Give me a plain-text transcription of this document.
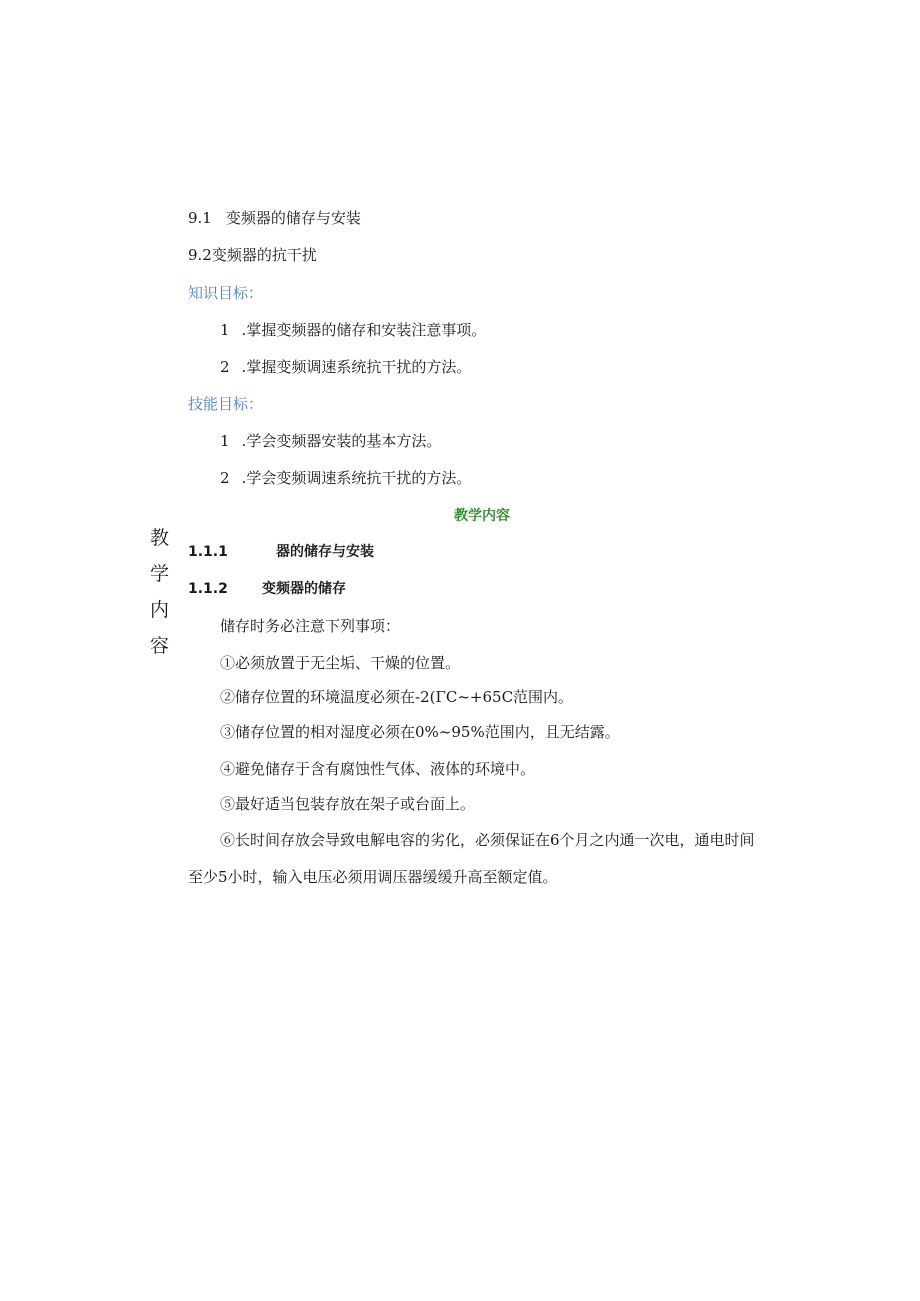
9.1 变频器的储存与安装
9.2变频器的抗干扰
知识目标：
1 .掌握变频器的储存和安装注意事项。
2 .掌握变频调速系统抗干扰的方法。
技能目标：
1 .学会变频器安装的基本方法。
2 .学会变频调速系统抗干扰的方法。
教学内容
教
学
内
容
1.1.1	器的储存与安装
1.1.2 变频器的储存
储存时务必注意下列事项：
①必须放置于无尘垢、干燥的位置。
②储存位置的环境温度必须在-2(ΓC~+65C范围内。
③储存位置的相对湿度必须在0%~95%范围内，且无结露。
④避免储存于含有腐蚀性气体、液体的环境中。
⑤最好适当包装存放在架子或台面上。
⑥长时间存放会导致电解电容的劣化，必须保证在6个月之内通一次电，通电时间
至少5小时，输入电压必须用调压器缓缓升高至额定值。
